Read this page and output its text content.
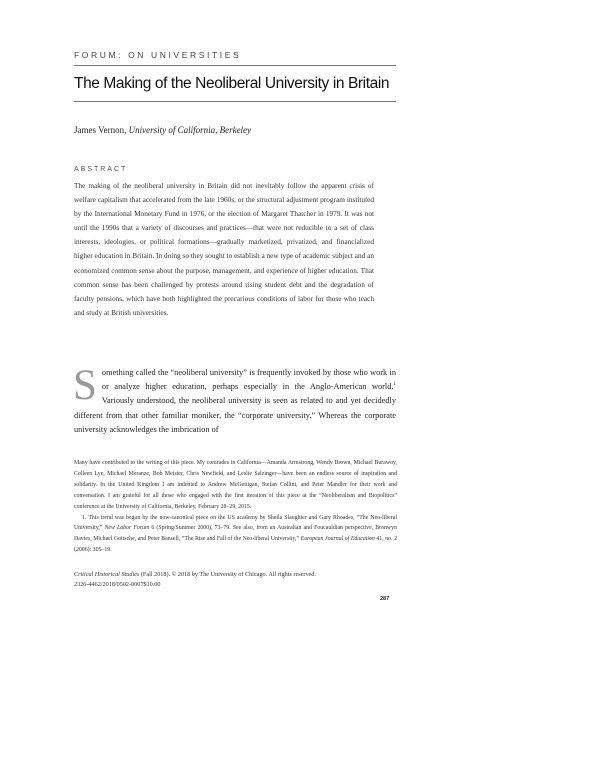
FORUM: ON UNIVERSITIES
The Making of the Neoliberal University in Britain
James Vernon, University of California, Berkeley
ABSTRACT
The making of the neoliberal university in Britain did not inevitably follow the apparent crisis of welfare capitalism that accelerated from the late 1960s, or the structural adjustment program instituted by the International Monetary Fund in 1976, or the election of Margaret Thatcher in 1979. It was not until the 1990s that a variety of discourses and practices—that were not reducible to a set of class interests, ideologies, or political formations—gradually marketized, privatized, and financialized higher education in Britain. In doing so they sought to establish a new type of academic subject and an economized common sense about the purpose, management, and experience of higher education. That common sense has been challenged by protests around rising student debt and the degradation of faculty pensions, which have both highlighted the precarious conditions of labor for those who teach and study at British universities.
Something called the “neoliberal university” is frequently invoked by those who work in or analyze higher education, perhaps especially in the Anglo-American world.$^1$ Variously understood, the neoliberal university is seen as related to and yet decidedly different from that other familiar moniker, the “corporate university.” Whereas the corporate university acknowledges the imbrication of

Many have contributed to the writing of this piece. My comrades in California—Amanda Armstrong, Wendy Brown, Michael Burawoy, Colleen Lye, Michael Meranze, Bob Meister, Chris Newfield, and Leslie Salzinger—have been an endless source of inspiration and solidarity. In the United Kingdom I am indebted to Andrew McGettigan, Stefan Collini, and Peter Mandler for their work and conversation. I am grateful for all those who engaged with the first iteration of this piece at the “Neoliberalism and Biopolitics” conference at the University of California, Berkeley, February 28–29, 2015.

1. This trend was begun by the now-canonical piece on the US academy by Sheila Slaughter and Gary Rhoades, “The Neo-liberal University,” New Labor Forum 6 (Spring/Summer 2000), 73–79. See also, from an Australian and Foucauldian perspective, Bronwyn Davies, Michael Gottsche, and Peter Bansell, “The Rise and Fall of the Neo-liberal University,” European Journal of Education 41, no. 2 (2006): 305–19.

Critical Historical Studies (Fall 2018). © 2018 by The University of Chicago. All rights reserved.
2326-4462/2018/0502-0007$10.00
287
